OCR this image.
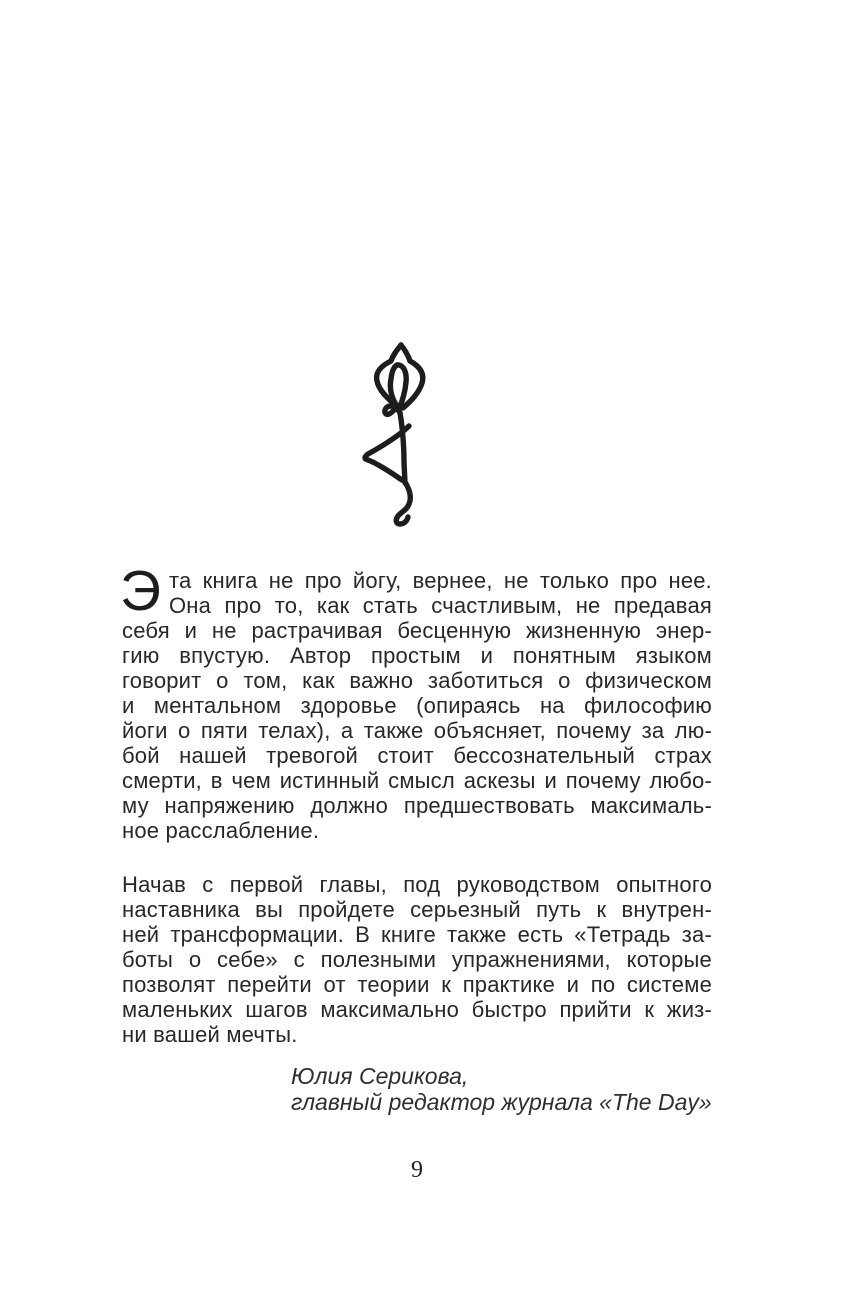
Э та книга не про йогу, вернее, не только про нее.
Она про то, как стать счастливым, не предавая
себя и не растрачивая бесценную жизненную энер-
гию впустую. Автор простым и понятным языком
говорит о том, как важно заботиться о физическом
и ментальном здоровье (опираясь на философию
йоги о пяти телах), а также объясняет, почему за лю-
бой нашей тревогой стоит бессознательный страх
смерти, в чем истинный смысл аскезы и почему любо-
му напряжению должно предшествовать максималь-
ное расслабление.
Начав с первой главы, под руководством опытного
наставника вы пройдете серьезный путь к внутрен-
ней трансформации. В книге также есть «Тетрадь за-
боты о себе» с полезными упражнениями, которые
позволят перейти от теории к практике и по системе
маленьких шагов максимально быстро прийти к жиз-
ни вашей мечты.
Юлия Серикова,
главный редактор журнала «The Day»
9
